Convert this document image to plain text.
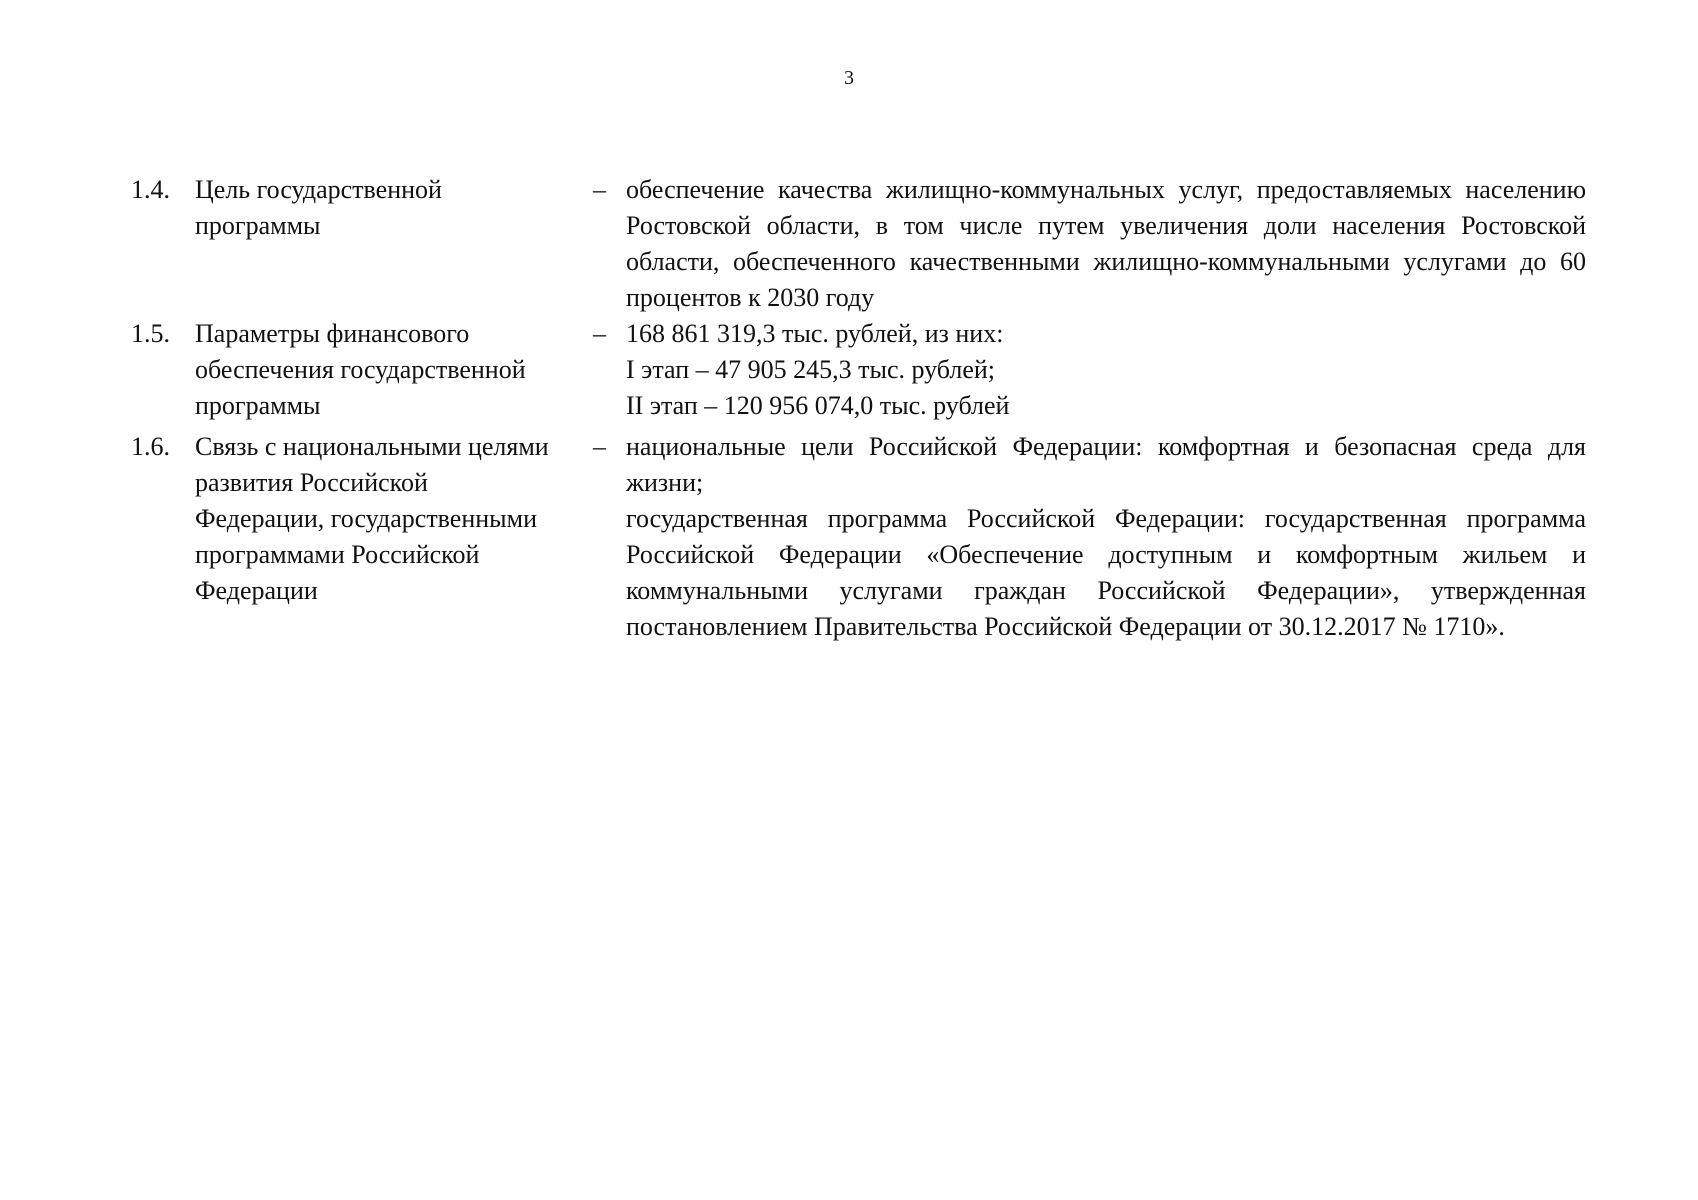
3
1.4. Цель государственной
программы
– обеспечение качества жилищно-коммунальных услуг, предоставляемых населению Ростовской области, в том числе путем увеличения доли населения Ростовской области, обеспеченного качественными жилищно-коммунальными услугами до 60 процентов к 2030 году

1.5. Параметры финансового
обеспечения государственной
программы
– 168 861 319,3 тыс. рублей, из них:

I этап – 47 905 245,3 тыс. рублей;

II этап – 120 956 074,0 тыс. рублей

1.6. Связь с национальными целями
развития Российской
Федерации, государственными
программами Российской
Федерации
– национальные цели Российской Федерации: комфортная и безопасная среда для жизни;

государственная программа Российской Федерации: государственная программа Российской Федерации «Обеспечение доступным и комфортным жильем и коммунальными услугами граждан Российской Федерации», утвержденная постановлением Правительства Российской Федерации от 30.12.2017 № 1710».
